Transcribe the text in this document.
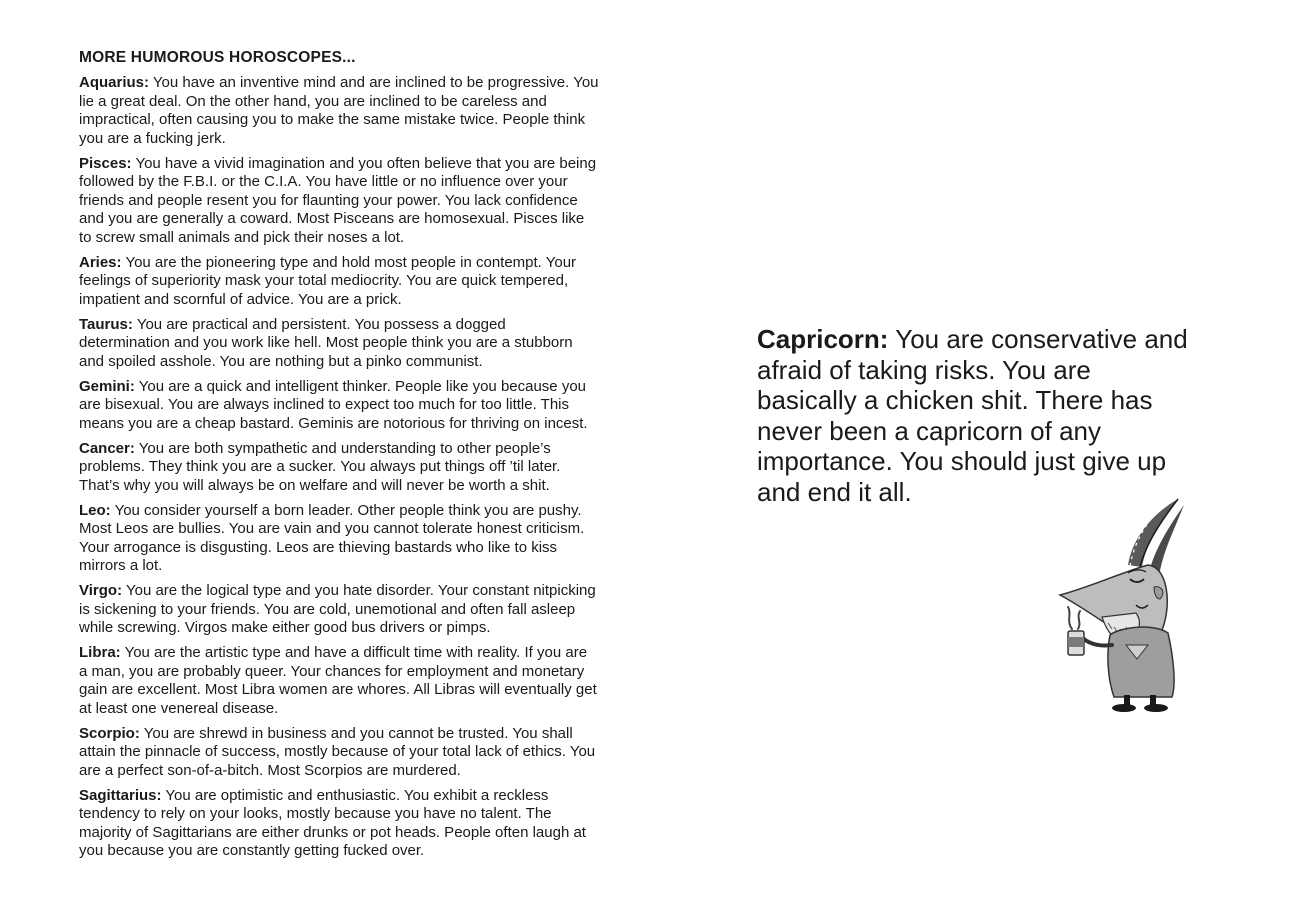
MORE HUMOROUS HOROSCOPES...

Aquarius: You have an inventive mind and are inclined to be progressive. You lie a great deal. On the other hand, you are inclined to be careless and impractical, often causing you to make the same mistake twice. People think you are a fucking jerk.

Pisces: You have a vivid imagination and you often believe that you are being followed by the F.B.I. or the C.I.A. You have little or no influence over your friends and people resent you for flaunting your power. You lack confidence and you are generally a coward. Most Pisceans are homosexual. Pisces like to screw small animals and pick their noses a lot.

Aries: You are the pioneering type and hold most people in contempt. Your feelings of superiority mask your total mediocrity. You are quick tempered, impatient and scornful of advice. You are a prick.

Taurus: You are practical and persistent. You possess a dogged determination and you work like hell. Most people think you are a stubborn and spoiled asshole. You are nothing but a pinko communist.

Gemini: You are a quick and intelligent thinker. People like you because you are bisexual. You are always inclined to expect too much for too little. This means you are a cheap bastard. Geminis are notorious for thriving on incest.

Cancer: You are both sympathetic and understanding to other people’s problems. They think you are a sucker. You always put things off ’til later. That’s why you will always be on welfare and will never be worth a shit.

Leo: You consider yourself a born leader. Other people think you are pushy. Most Leos are bullies. You are vain and you cannot tolerate honest criticism. Your arrogance is disgusting. Leos are thieving bastards who like to kiss mirrors a lot.

Virgo: You are the logical type and you hate disorder. Your constant nitpicking is sickening to your friends. You are cold, unemotional and often fall asleep while screwing. Virgos make either good bus drivers or pimps.

Libra: You are the artistic type and have a difficult time with reality. If you are a man, you are probably queer. Your chances for employment and monetary gain are excellent. Most Libra women are whores. All Libras will eventually get at least one venereal disease.

Scorpio: You are shrewd in business and you cannot be trusted. You shall attain the pinnacle of success, mostly because of your total lack of ethics. You are a perfect son-of-a-bitch. Most Scorpios are murdered.

Sagittarius: You are optimistic and enthusiastic. You exhibit a reckless tendency to rely on your looks, mostly because you have no talent. The majority of Sagittarians are either drunks or pot heads. People often laugh at you because you are constantly getting fucked over.

Capricorn: You are conservative and afraid of taking risks. You are basically a chicken shit. There has never been a capricorn of any importance. You should just give up and end it all.
